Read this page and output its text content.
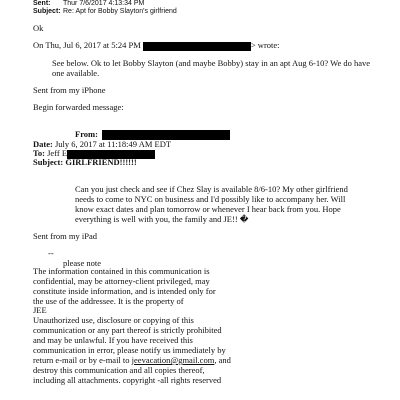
Sent: Thur 7/6/2017 4:13:34 PM
Subject: Re: Apt for Bobby Slayton's girlfriend
Ok
On Thu, Jul 6, 2017 at 5:24 PM	> wrote:
See below. Ok to let Bobby Slayton (and maybe Bobby) stay in an apt Aug 6-10? We do have
one available.
Sent from my iPhone
Begin forwarded message:
From:
Date: July 6, 2017 at 11:18:49 AM EDT
To: Jeff E
Subject: GIRLFRIEND!!!!!!
Can you just check and see if Chez Slay is available 8/6-10? My other girlfriend
needs to come to NYC on business and I'd possibly like to accompany her. Will
know exact dates and plan tomorrow or whenever I hear back from you. Hope
everything is well with you, the family and JE!! �
Sent from my iPad
--
please note
The information contained in this communication is
confidential, may be attorney-client privileged, may
constitute inside information, and is intended only for
the use of the addressee. It is the property of
JEE
Unauthorized use, disclosure or copying of this
communication or any part thereof is strictly prohibited
and may be unlawful. If you have received this
communication in error, please notify us immediately by
return e-mail or by e-mail to jeevacation@gmail.com, and
destroy this communication and all copies thereof,
including all attachments. copyright -all rights reserved
